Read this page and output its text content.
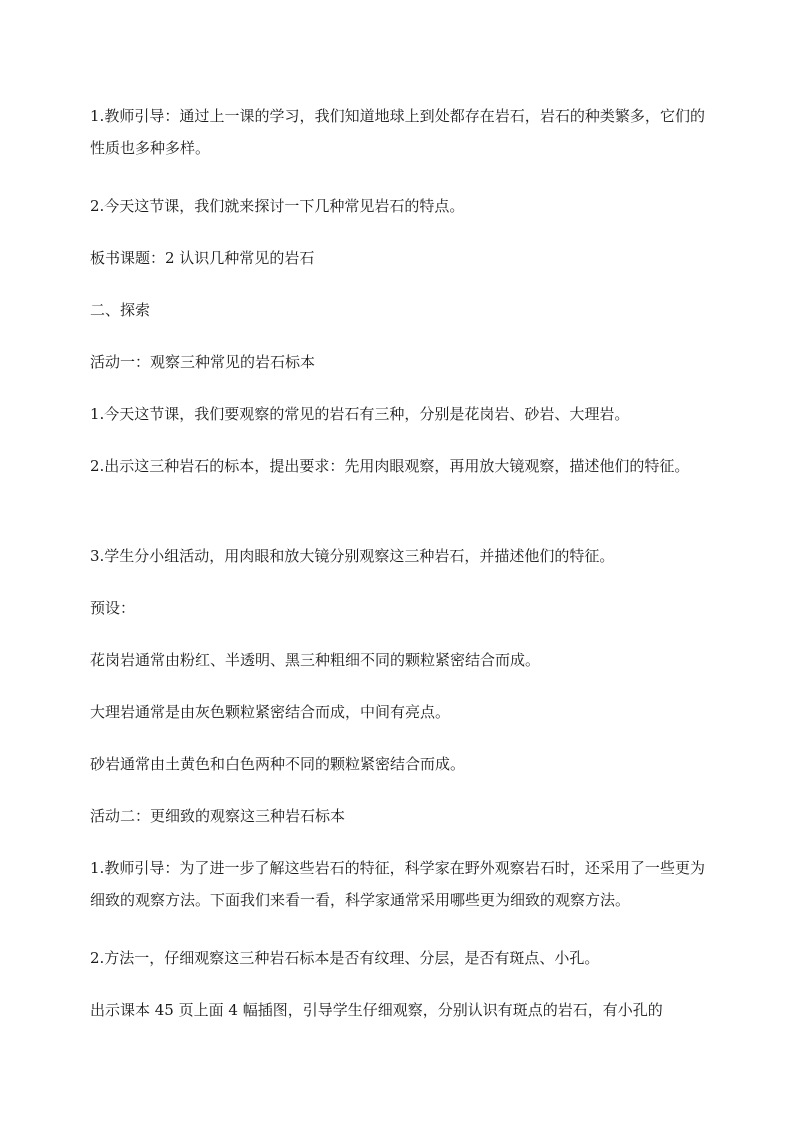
1.教师引导：通过上一课的学习，我们知道地球上到处都存在岩石，岩石的种类繁多，它们的性质也多种多样。

2.今天这节课，我们就来探讨一下几种常见岩石的特点。

板书课题：2 认识几种常见的岩石

二、探索

活动一：观察三种常见的岩石标本

1.今天这节课，我们要观察的常见的岩石有三种，分别是花岗岩、砂岩、大理岩。

2.出示这三种岩石的标本，提出要求：先用肉眼观察，再用放大镜观察，描述他们的特征。

3.学生分小组活动，用肉眼和放大镜分别观察这三种岩石，并描述他们的特征。

预设：

花岗岩通常由粉红、半透明、黑三种粗细不同的颗粒紧密结合而成。

大理岩通常是由灰色颗粒紧密结合而成，中间有亮点。

砂岩通常由土黄色和白色两种不同的颗粒紧密结合而成。

活动二：更细致的观察这三种岩石标本

1.教师引导：为了进一步了解这些岩石的特征，科学家在野外观察岩石时，还采用了一些更为细致的观察方法。下面我们来看一看，科学家通常采用哪些更为细致的观察方法。

2.方法一，仔细观察这三种岩石标本是否有纹理、分层，是否有斑点、小孔。

出示课本 45 页上面 4 幅插图，引导学生仔细观察，分别认识有斑点的岩石，有小孔的
